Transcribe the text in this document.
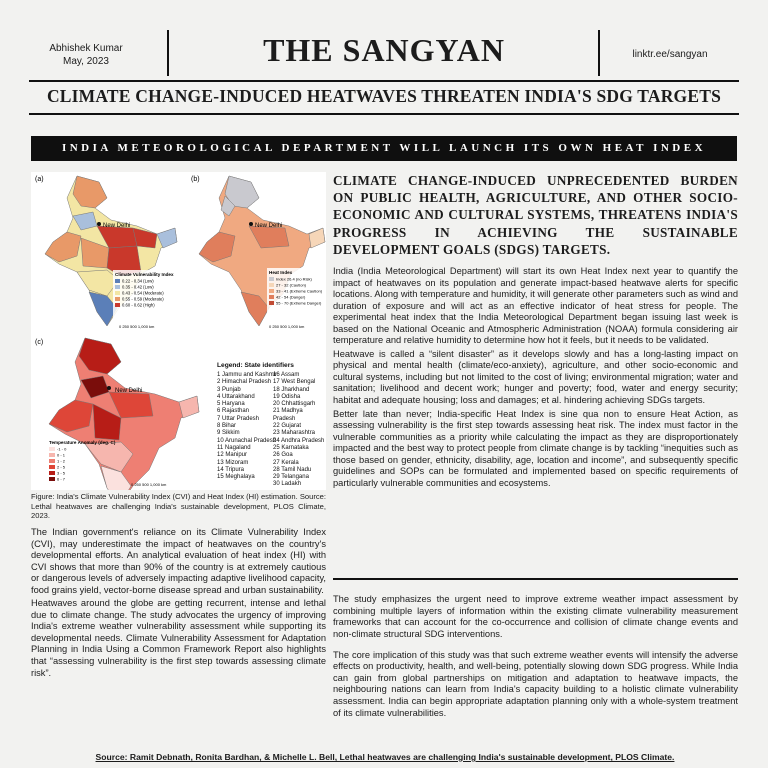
Abhishek Kumar
May, 2023	THE SANGYAN	linktr.ee/sangyan
CLIMATE CHANGE-INDUCED HEATWAVES THREATEN INDIA'S SDG TARGETS
INDIA METEOROLOGICAL DEPARTMENT WILL LAUNCH ITS OWN HEAT INDEX
(a)
New Delhi
Climate Vulnerability Index
0.22 - 0.34 (Low)
0.35 - 0.42 (Low)
0.43 - 0.54 (Moderate)
0.55 - 0.59 (Moderate)
0.60 - 0.62 (High)
0 250 500 1,000 km
(b)
New Delhi
Heat Index
Index 26.4 (no Risk)
27 - 32 (Caution)
33 - 41 (Extreme Caution)
42 - 54 (Danger)
55 - 70 (Extreme Danger)
0 250 500 1,000 km
(c)
New Delhi
Temperature Anomaly (deg. C)
-1 - 0
0 - 1
1 - 2
2 - 5
3 - 5
6 - 7
0 250 500 1,000 km
Legend: State identifiers
1 Jammu and Kashmir
2 Himachal Pradesh
3 Punjab
4 Uttarakhand
5 Haryana
6 Rajasthan
7 Uttar Pradesh
8 Bihar
9 Sikkim
10 Arunachal Pradesh
11 Nagaland
12 Manipur
13 Mizoram
14 Tripura
15 Meghalaya
16 Assam
17 West Bengal
18 Jharkhand
19 Odisha
20 Chhattisgarh
21 Madhya Pradesh
22 Gujarat
23 Maharashtra
24 Andhra Pradesh
25 Karnataka
26 Goa
27 Kerala
28 Tamil Nadu
29 Telangana
30 Ladakh
Figure: India's Climate Vulnerability Index (CVI) and Heat Index (HI) estimation. Source: Lethal heatwaves are challenging India's sustainable development, PLOS Climate, 2023.

The Indian government's reliance on its Climate Vulnerability Index (CVI), may underestimate the impact of heatwaves on the country's developmental efforts. An analytical evaluation of heat index (HI) with CVI shows that more than 90% of the country is at extremely cautious or dangerous levels of adversely impacting adaptive livelihood capacity, food grains yield, vector-borne disease spread and urban sustainability.

Heatwaves around the globe are getting recurrent, intense and lethal due to climate change. The study advocates the urgency of improving India's extreme weather vulnerability assessment while supporting its developmental needs. Climate Vulnerability Assessment for Adaptation Planning in India Using a Common Framework Report also highlights that “assessing vulnerability is the first step towards assessing climate risk”.

CLIMATE CHANGE-INDUCED UNPRECEDENTED BURDEN ON PUBLIC HEALTH, AGRICULTURE, AND OTHER SOCIO-ECONOMIC AND CULTURAL SYSTEMS, THREATENS INDIA'S PROGRESS IN ACHIEVING THE SUSTAINABLE DEVELOPMENT GOALS (SDGS) TARGETS.

India (India Meteorological Department) will start its own Heat Index next year to quantify the impact of heatwaves on its population and generate impact-based heatwave alerts for specific locations. Along with temperature and humidity, it will generate other parameters such as wind and duration of exposure and will act as an effective indicator of heat stress for people. The experimental heat index that the India Meteorological Department began issuing last week is based on the National Oceanic and Atmospheric Administration (NOAA) formula considering air temperature and relative humidity to determine how hot it feels, but it needs to be validated.

Heatwave is called a “silent disaster” as it develops slowly and has a long-lasting impact on physical and mental health (climate/eco-anxiety), agriculture, and other socio-economic and cultural systems, including but not limited to the cost of living; environmental migration; water and sanitation; livelihood and decent work; hunger and poverty; food, water and energy security; habitat and adequate housing; loss and damages; et al. hindering achieving SDGs targets.

Better late than never; India-specific Heat Index is sine qua non to ensure Heat Action, as assessing vulnerability is the first step towards assessing heat risk. The index must factor in the vulnerable communities as a priority while calculating the impact as they are disproportionately impacted and the best way to protect people from climate change is by tackling “inequities such as those based on gender, ethnicity, disability, age, location and income”, and subsequently specific guidelines and SOPs can be formulated and implemented based on specific requirements of particularly vulnerable communities and ecosystems.

The study emphasizes the urgent need to improve extreme weather impact assessment by combining multiple layers of information within the existing climate vulnerability measurement frameworks that can account for the co-occurrence and collision of climate change events and non-climate structural SDG interventions.

The core implication of this study was that such extreme weather events will intensify the adverse effects on productivity, health, and well-being, potentially slowing down SDG progress. While India can gain from global partnerships on mitigation and adaptation to heatwave impacts, the neighbouring nations can learn from India's capacity building to a holistic climate vulnerability assessment. India can begin appropriate adaptation planning only with a whole-system treatment of its climate vulnerabilities.

Source: Ramit Debnath, Ronita Bardhan, & Michelle L. Bell, Lethal heatwaves are challenging India's sustainable development, PLOS Climate.
